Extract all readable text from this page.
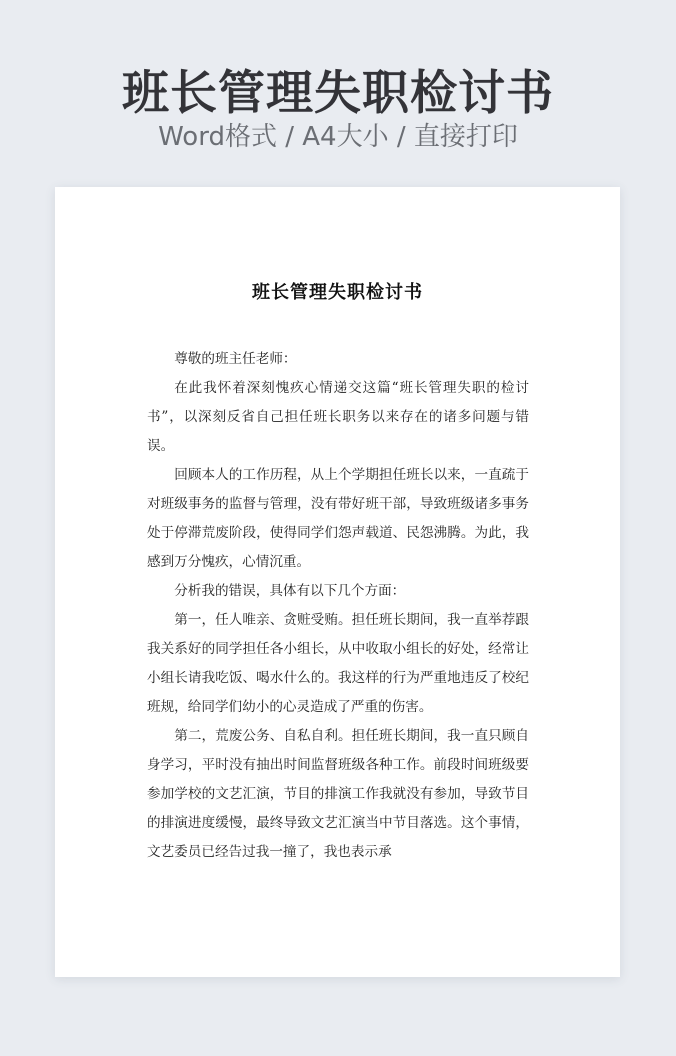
班长管理失职检讨书
Word格式 / A4大小 / 直接打印
班长管理失职检讨书

尊敬的班主任老师：

在此我怀着深刻愧疚心情递交这篇“班长管理失职的检讨书”，以深刻反省自己担任班长职务以来存在的诸多问题与错误。

回顾本人的工作历程，从上个学期担任班长以来，一直疏于对班级事务的监督与管理，没有带好班干部，导致班级诸多事务处于停滞荒废阶段，使得同学们怨声载道、民怨沸腾。为此，我感到万分愧疚，心情沉重。

分析我的错误，具体有以下几个方面：

第一，任人唯亲、贪赃受贿。担任班长期间，我一直举荐跟我关系好的同学担任各小组长，从中收取小组长的好处，经常让小组长请我吃饭、喝水什么的。我这样的行为严重地违反了校纪班规，给同学们幼小的心灵造成了严重的伤害。

第二，荒废公务、自私自利。担任班长期间，我一直只顾自身学习，平时没有抽出时间监督班级各种工作。前段时间班级要参加学校的文艺汇演，节目的排演工作我就没有参加，导致节目的排演进度缓慢，最终导致文艺汇演当中节目落选。这个事情，文艺委员已经告过我一撞了，我也表示承
